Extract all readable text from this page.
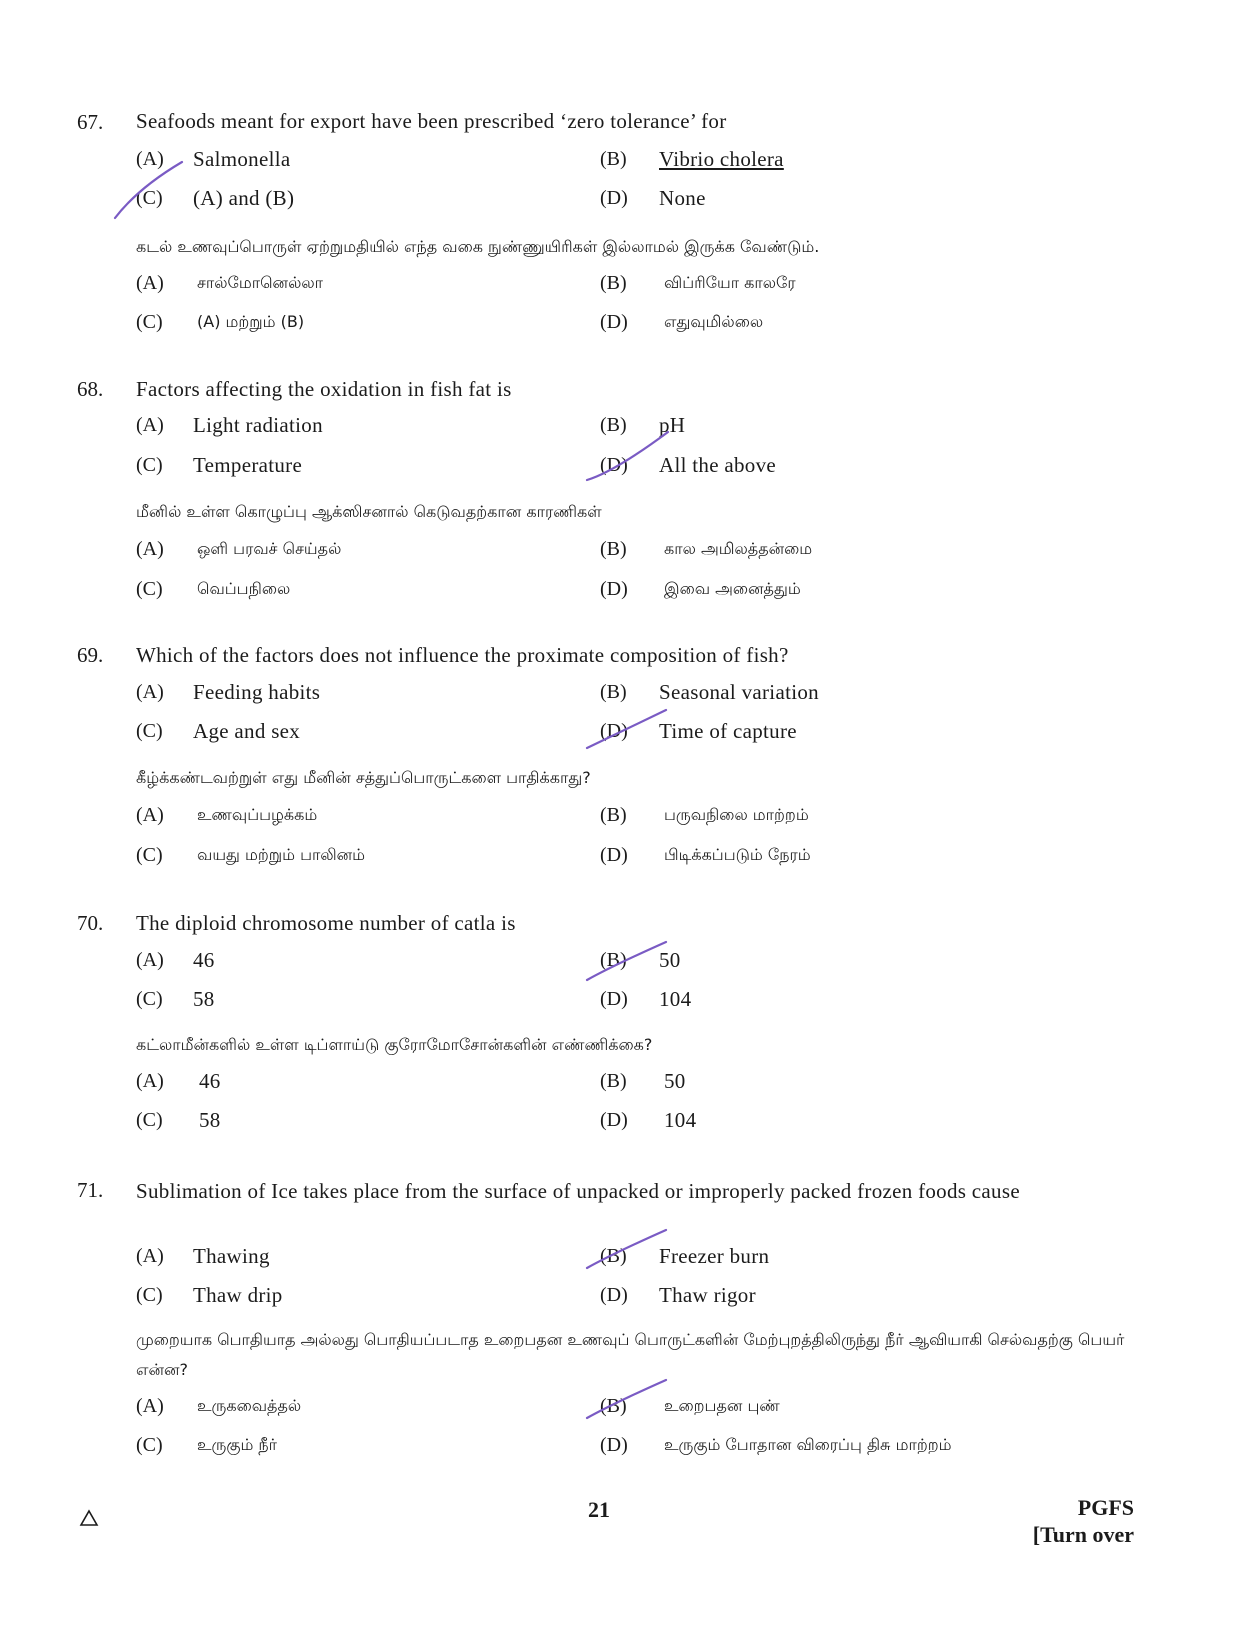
67. Seafoods meant for export have been prescribed ‘zero tolerance’ for
(A) Salmonella	(B) Vibrio cholera
(C) (A) and (B)	(D) None
கடல் உணவுப்பொருள் ஏற்றுமதியில் எந்த வகை நுண்ணுயிரிகள் இல்லாமல் இருக்க வேண்டும்.
(A) சால்மோனெல்லா	(B) விப்ரியோ காலரே
(C) (A) மற்றும் (B)	(D) எதுவுமில்லை
68. Factors affecting the oxidation in fish fat is
(A) Light radiation	(B) pH
(C) Temperature	(D) All the above
மீனில் உள்ள கொழுப்பு ஆக்ஸிசனால் கெடுவதற்கான காரணிகள்
(A) ஒளி பரவச் செய்தல்	(B) கால அமிலத்தன்மை
(C) வெப்பநிலை	(D) இவை அனைத்தும்
69. Which of the factors does not influence the proximate composition of fish?
(A) Feeding habits	(B) Seasonal variation
(C) Age and sex	(D) Time of capture
கீழ்க்கண்டவற்றுள் எது மீனின் சத்துப்பொருட்களை பாதிக்காது?
(A) உணவுப்பழக்கம்	(B) பருவநிலை மாற்றம்
(C) வயது மற்றும் பாலினம்	(D) பிடிக்கப்படும் நேரம்
70. The diploid chromosome number of catla is
(A) 46	(B) 50
(C) 58	(D) 104
கட்லாமீன்களில் உள்ள டிப்ளாய்டு குரோமோசோன்களின் எண்ணிக்கை?
(A) 46	(B) 50
(C) 58	(D) 104
71. Sublimation of Ice takes place from the surface of unpacked or improperly packed frozen foods cause
(A) Thawing	(B) Freezer burn
(C) Thaw drip	(D) Thaw rigor
முறையாக பொதியாத அல்லது பொதியப்படாத உறைபதன உணவுப் பொருட்களின் மேற்புறத்திலிருந்து நீர் ஆவியாகி செல்வதற்கு பெயர் என்ன?
(A) உருகவைத்தல்	(B) உறைபதன புண்
(C) உருகும் நீர்	(D) உருகும் போதான விரைப்பு திசு மாற்றம்
21	PGFS
[Turn over
